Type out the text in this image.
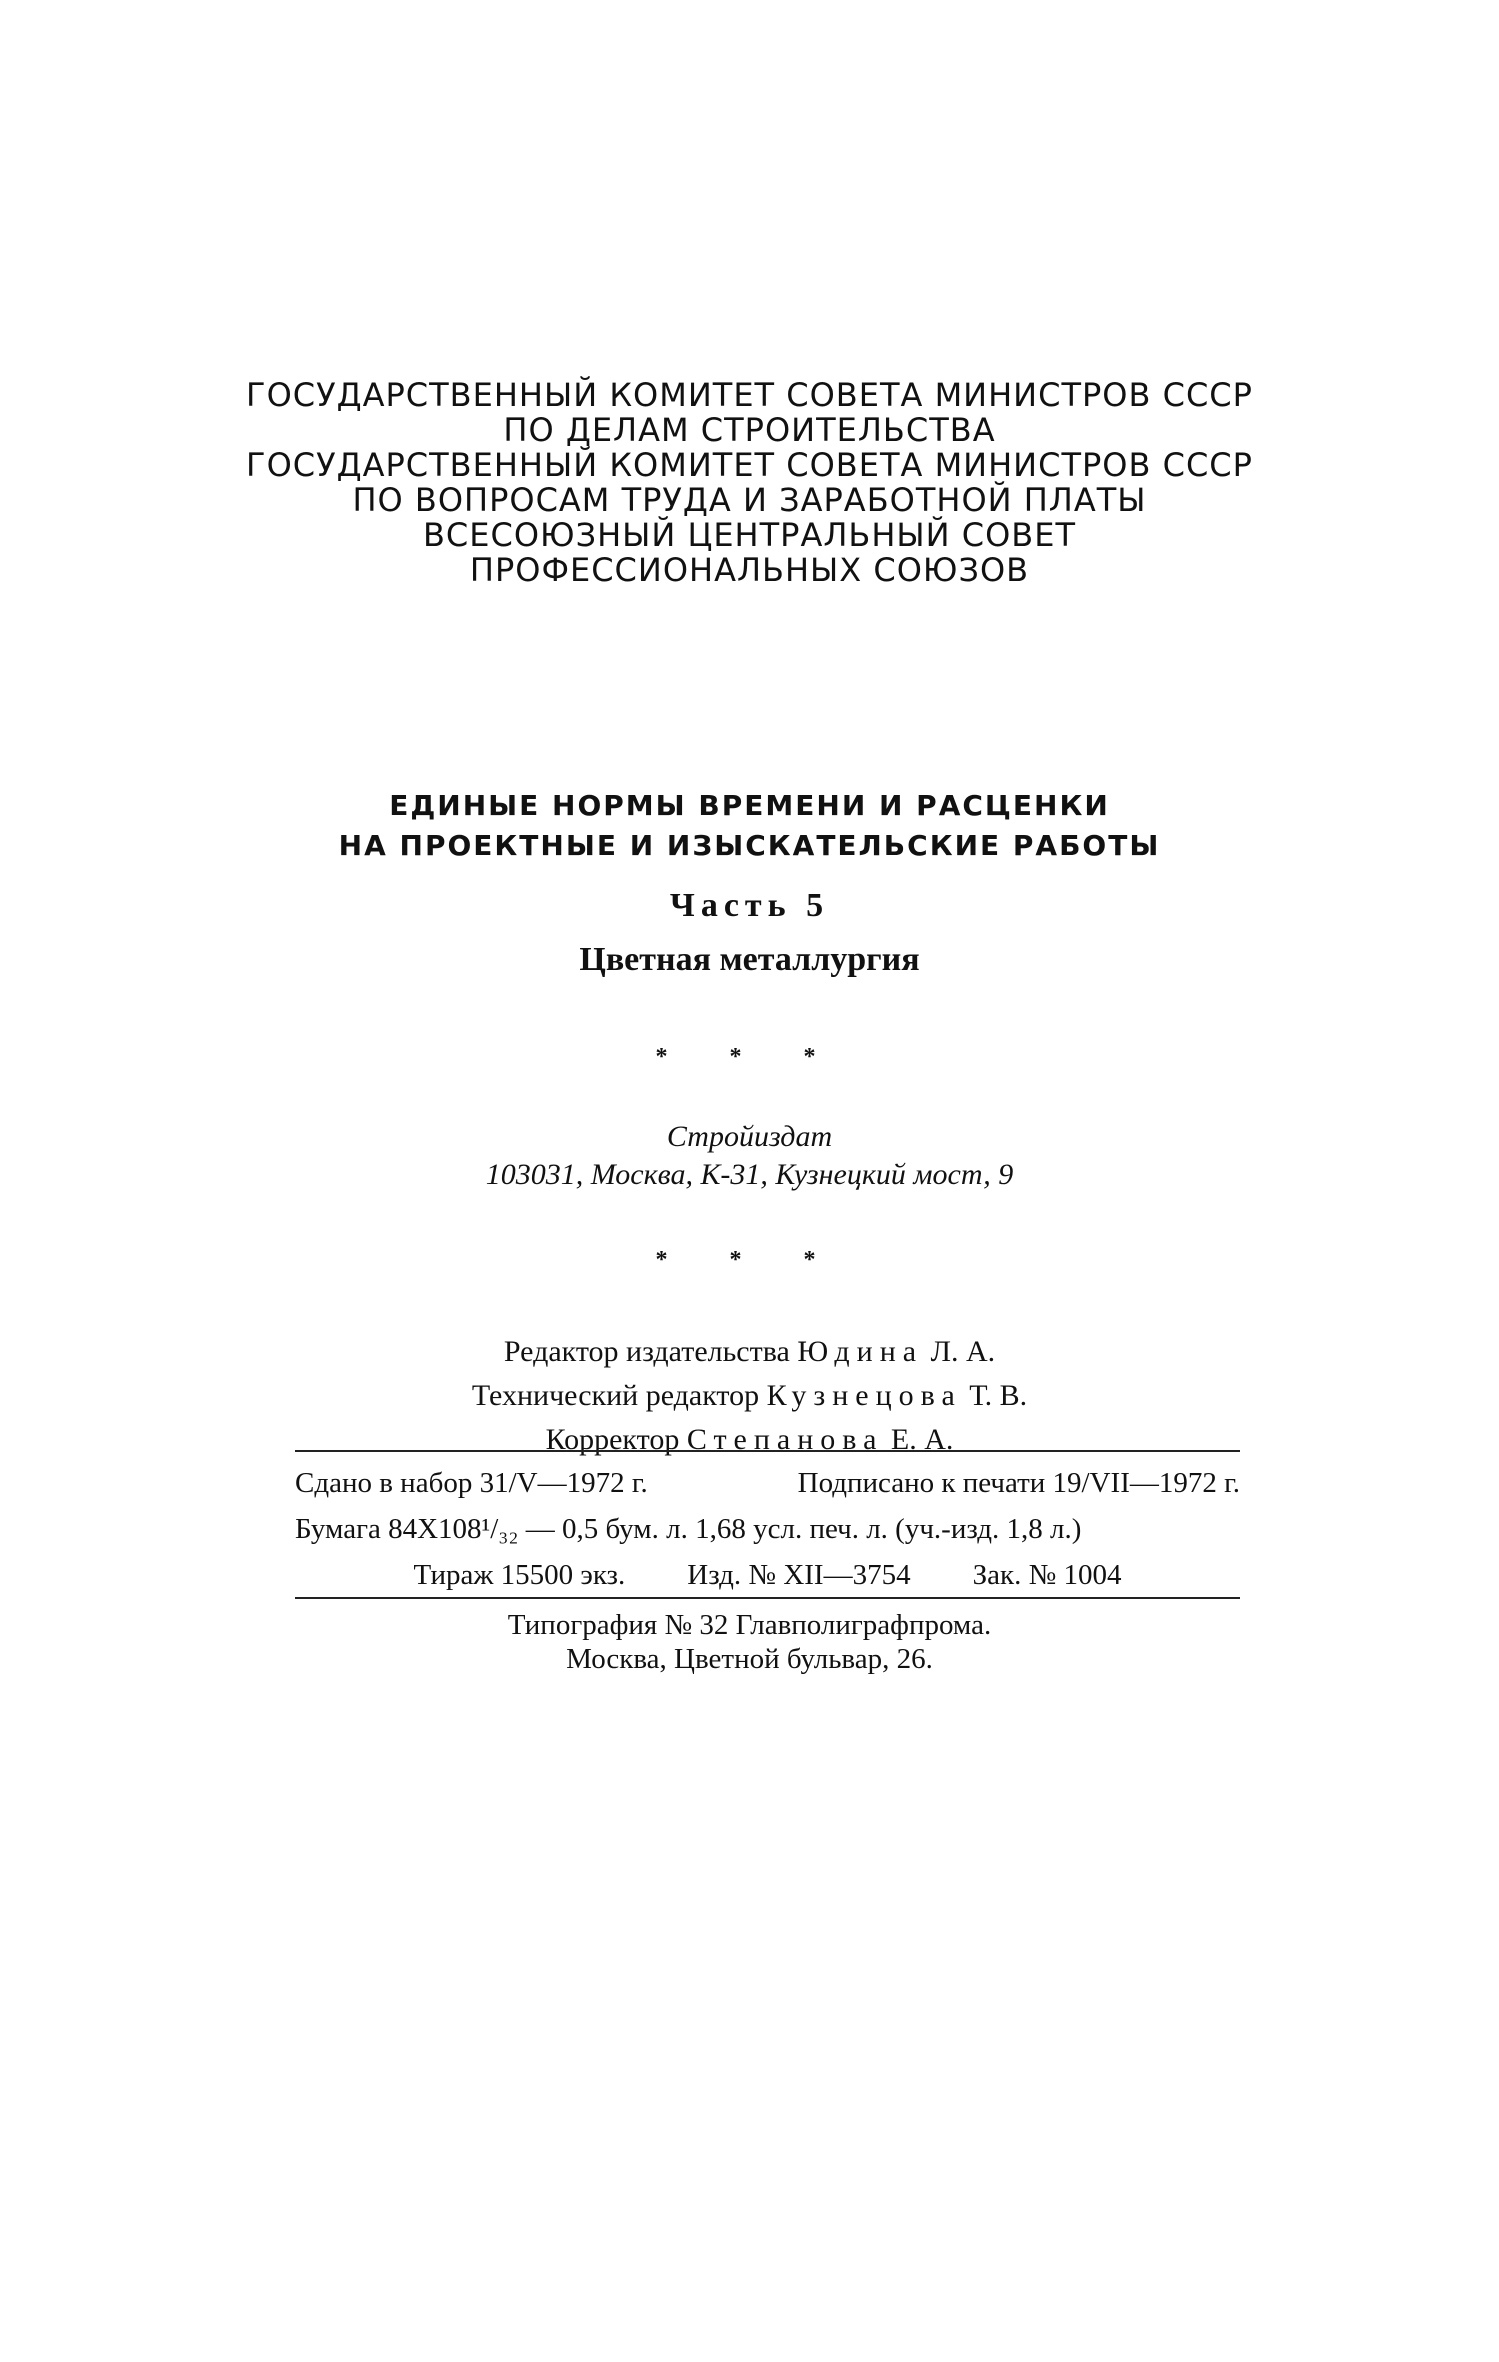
ГОСУДАРСТВЕННЫЙ КОМИТЕТ СОВЕТА МИНИСТРОВ СССР
ПО ДЕЛАМ СТРОИТЕЛЬСТВА
ГОСУДАРСТВЕННЫЙ КОМИТЕТ СОВЕТА МИНИСТРОВ СССР
ПО ВОПРОСАМ ТРУДА И ЗАРАБОТНОЙ ПЛАТЫ
ВСЕСОЮЗНЫЙ ЦЕНТРАЛЬНЫЙ СОВЕТ
ПРОФЕССИОНАЛЬНЫХ СОЮЗОВ
ЕДИНЫЕ НОРМЫ ВРЕМЕНИ И РАСЦЕНКИ
НА ПРОЕКТНЫЕ И ИЗЫСКАТЕЛЬСКИЕ РАБОТЫ
Часть 5
Цветная металлургия
* * *
Стройиздат
103031, Москва, К-31, Кузнецкий мост, 9
* * *
Редактор издательства Юдина Л. А.
Технический редактор Кузнецова Т. В.
Корректор Степанова Е. А.
Сдано в набор 31/V—1972 г.	Подписано к печати 19/VII—1972 г.
Бумага 84Х108¹/₃₂ — 0,5 бум. л. 1,68 усл. печ. л. (уч.-изд. 1,8 л.)
Тираж 15500 экз. Изд. № XII—3754 Зак. № 1004
Типография № 32 Главполиграфпрома.
Москва, Цветной бульвар, 26.
